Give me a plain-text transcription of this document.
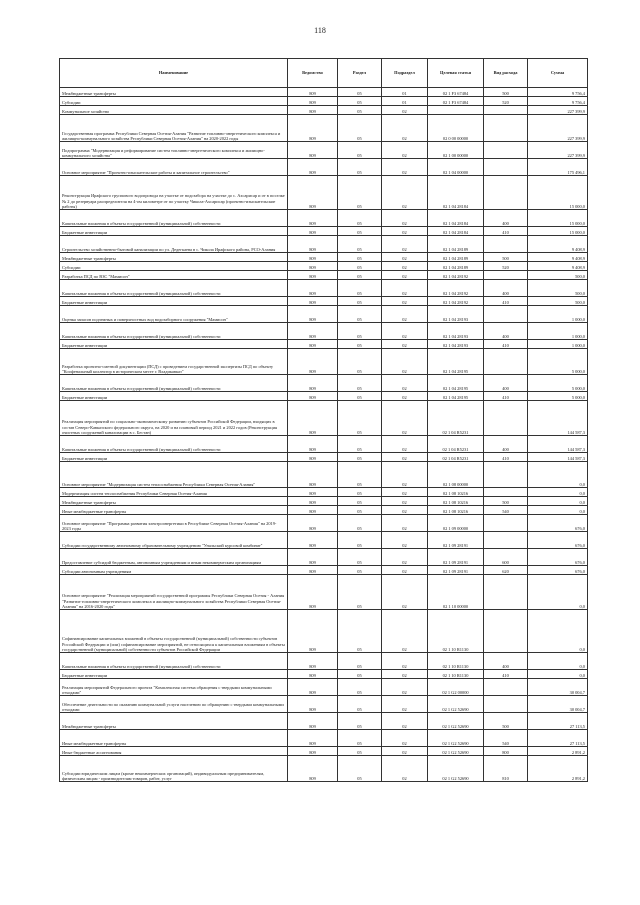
118
Наименование	Ведомство	Раздел	Подраздел	Целевая статья	Вид расхода	Сумма
Межбюджетные трансферты	809	05	01	02 1 F3 67484	500	9 756,4
Субсидии	809	05	01	02 1 F3 67484	520	9 756,4
Коммунальное хозяйство	809	05	02			227 399,9
Государственная программа Республики Северная Осетия-Алания "Развитие топливно-энергетического комплекса и жилищно-коммунального хозяйства Республики Северная Осетия-Алания" на 2020-2022 годы	809	05	02	02 0 00 00000		227 399,9
Подпрограмма "Модернизация и реформирование систем топливно-энергетического комплекса и жилищно-коммунального хозяйства"	809	05	02	02 1 00 00000		227 399,9
Основное мероприятие "Проектно-изыскательские работы и капитальное строительство"	809	05	02	02 1 04 00000		175 496,1
Реконструкция Ирафского группового водопровода на участке от водозабора на участке до с. Ахсарисар и от в поселке № 2 до резервуара распределителя на 4-ом километре от по участку Чикола-Ахсарисар (проектно-изыскательские работы)	809	05	02	02 1 04 28184		15 000,0
Капитальные вложения в объекты государственной (муниципальной) собственности	809	05	02	02 1 04 28184	400	15 000,0
Бюджетные инвестиции	809	05	02	02 1 04 28184	410	15 000,0
Строительство хозяйственно-бытовой канализации по ул. Дедегкаева в с. Чикола Ирафского района, РСО-Алания	809	05	02	02 1 04 28189		9 408,9
Межбюджетные трансферты	809	05	02	02 1 04 28189	500	9 408,9
Субсидии	809	05	02	02 1 04 28189	520	9 408,9
Разработка ПСД по ВЗС "Мамисон"	809	05	02	02 1 04 28192		500,0
Капитальные вложения в объекты государственной (муниципальной) собственности	809	05	02	02 1 04 28192	400	500,0
Бюджетные инвестиции	809	05	02	02 1 04 28192	410	500,0
Оценка запасов подземных и поверхностных вод водозаборного сооружения "Мамисон"	809	05	02	02 1 04 28193		1 000,0
Капитальные вложения в объекты государственной (муниципальной) собственности	809	05	02	02 1 04 28193	400	1 000,0
Бюджетные инвестиции	809	05	02	02 1 04 28193	410	1 000,0
Разработка проектно-сметной документации (ПСД) с проведением государственной экспертизы ПСД по объекту "Коофенальный коллектор в историческом месте г. Владикавказ"	809	05	02	02 1 04 28195		5 000,0
Капитальные вложения в объекты государственной (муниципальной) собственности	809	05	02	02 1 04 28195	400	5 000,0
Бюджетные инвестиции	809	05	02	02 1 04 28195	410	5 000,0
Реализация мероприятий по социально-экономическому развитию субъектов Российской Федерации, входящих в состав Северо-Кавказского федерального округа, на 2020 и на плановый период 2021 и 2022 годов (Реконструкция очистных сооружений канализации в с. Бестан)	809	05	02	02 1 04 R5231		144 587,3
Капитальные вложения в объекты государственной (муниципальной) собственности	809	05	02	02 1 04 R5231	400	144 587,3
Бюджетные инвестиции	809	05	02	02 1 04 R5231	410	144 587,3
Основное мероприятие "Модернизация систем теплоснабжения Республики Северная Осетия-Алания"	809	05	02	02 1 08 00000		0,0
Модернизация систем теплоснабжения Республики Северная Осетия-Алания	809	05	02	02 1 08 10216		0,0
Межбюджетные трансферты	809	05	02	02 1 08 10216	500	0,0
Иные межбюджетные трансферты	809	05	02	02 1 08 10216	540	0,0
Основное мероприятие "Программа развития электроэнергетики в Республике Северная Осетия-Алания" на 2019-2023 годы	809	05	02	02 1 09 00000		676,0
Субсидии государственному автономному образовательному учреждению "Унальский курсовой комбинат"	809	05	02	02 1 09 28191		676,0
Предоставление субсидий бюджетным, автономным учреждениям и иным некоммерческим организациям	809	05	02	02 1 09 28191	600	676,0
Субсидии автономным учреждениям	809	05	02	02 1 09 28191	620	676,0
Основное мероприятие "Реализация мероприятий государственной программы Республики Северная Осетия - Алания "Развитие топливно-энергетического комплекса и жилищно-коммунального хозяйства Республики Северная Осетия-Алания" на 2016-2020 годы"	809	05	02	02 1 10 00000		0,0
Софинансирование капитальных вложений в объекты государственной (муниципальной) собственности субъектов Российской Федерации и (или) софинансирование мероприятий, не относящихся к капитальным вложениям в объекты государственной (муниципальной) собственности субъектов Российской Федерации	809	05	02	02 1 10 R1130		0,0
Капитальные вложения в объекты государственной (муниципальной) собственности	809	05	02	02 1 10 R1130	400	0,0
Бюджетные инвестиции	809	05	02	02 1 10 R1130	410	0,0
Реализация мероприятий Федерального проекта "Комплексная система обращения с твердыми коммунальными отходами"	809	05	02	02 1 G2 00000		30 004,7
Обеспечение деятельности по оказанию коммунальной услуги населению по обращению с твердыми коммунальными отходами	809	05	02	02 1 G2 52690		30 004,7
Межбюджетные трансферты	809	05	02	02 1 G2 52690	500	27 113,5
Иные межбюджетные трансферты	809	05	02	02 1 G2 52690	540	27 113,5
Иные бюджетные ассигнования	809	05	02	02 1 G2 52690	800	2 891,2
Субсидии юридическим лицам (кроме некоммерческих организаций), индивидуальным предпринимателям, физическим лицам - производителям товаров, работ, услуг	809	05	02	02 1 G2 52690	810	2 891,2
